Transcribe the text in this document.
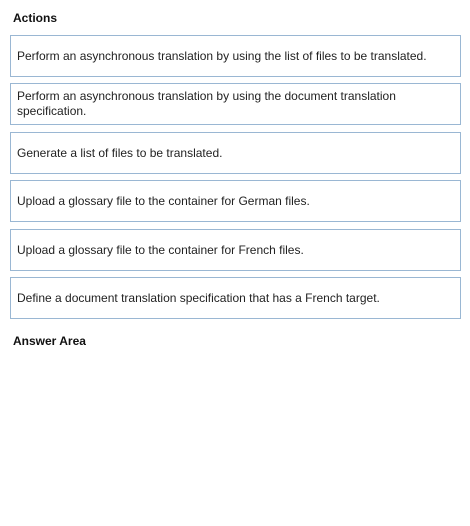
Actions
Perform an asynchronous translation by using the list of files to be translated.
Perform an asynchronous translation by using the document translation specification.
Generate a list of files to be translated.
Upload a glossary file to the container for German files.
Upload a glossary file to the container for French files.
Define a document translation specification that has a French target.
Answer Area
